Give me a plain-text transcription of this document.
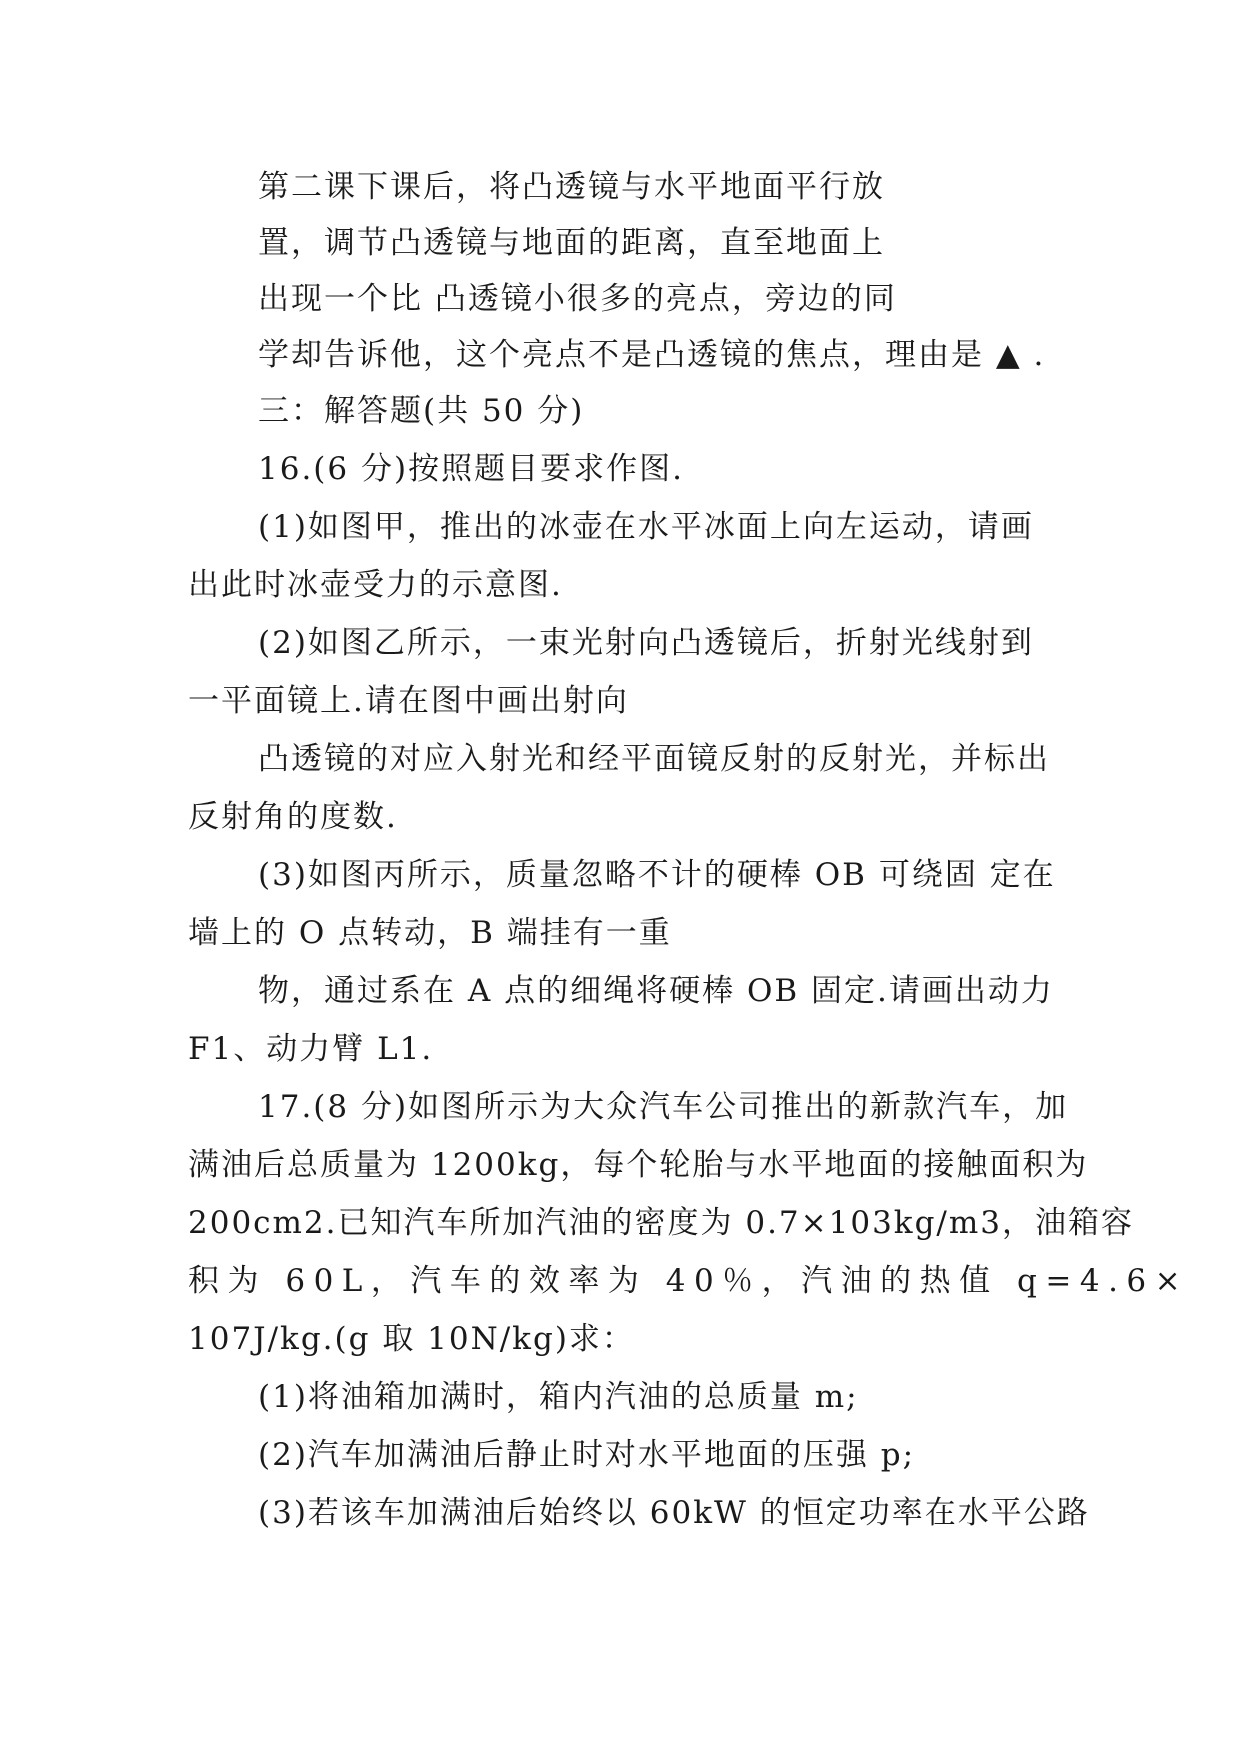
第二课下课后，将凸透镜与水平地面平行放
置，调节凸透镜与地面的距离，直至地面上
出现一个比 凸透镜小很多的亮点，旁边的同
学却告诉他，这个亮点不是凸透镜的焦点，理由是 ▲ .
三：解答题(共 50 分)
16.(6 分)按照题目要求作图.
(1)如图甲，推出的冰壶在水平冰面上向左运动，请画
出此时冰壶受力的示意图.
(2)如图乙所示，一束光射向凸透镜后，折射光线射到
一平面镜上.请在图中画出射向
凸透镜的对应入射光和经平面镜反射的反射光，并标出
反射角的度数.
(3)如图丙所示，质量忽略不计的硬棒 OB 可绕固 定在
墙上的 O 点转动，B 端挂有一重
物，通过系在 A 点的细绳将硬棒 OB 固定.请画出动力
F1、动力臂 L1.
17.(8 分)如图所示为大众汽车公司推出的新款汽车，加
满油后总质量为 1200kg，每个轮胎与水平地面的接触面积为
200cm2.已知汽车所加汽油的密度为 0.7×103kg/m3，油箱容
积为 60L，汽车的效率为 40％，汽油的热值 q=4.6×
107J/kg.(g 取 10N/kg)求：
(1)将油箱加满时，箱内汽油的总质量 m;
(2)汽车加满油后静止时对水平地面的压强 p;
(3)若该车加满油后始终以 60kW 的恒定功率在水平公路
